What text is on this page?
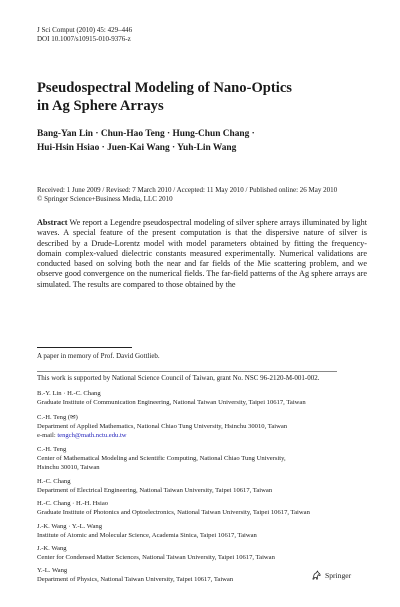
J Sci Comput (2010) 45: 429–446
DOI 10.1007/s10915-010-9376-z
Pseudospectral Modeling of Nano-Optics
in Ag Sphere Arrays
Bang-Yan Lin · Chun-Hao Teng · Hung-Chun Chang ·
Hui-Hsin Hsiao · Juen-Kai Wang · Yuh-Lin Wang
Received: 1 June 2009 / Revised: 7 March 2010 / Accepted: 11 May 2010 / Published online: 26 May 2010
© Springer Science+Business Media, LLC 2010
Abstract We report a Legendre pseudospectral modeling of silver sphere arrays illuminated by light waves. A special feature of the present computation is that the dispersive nature of silver is described by a Drude-Lorentz model with model parameters obtained by fitting the frequency-domain complex-valued dielectric constants measured experimentally. Numerical validations are conducted based on solving both the near and far fields of the Mie scattering problem, and we observe good convergence on the numerical fields. The far-field patterns of the Ag sphere arrays are simulated. The results are compared to those obtained by the
A paper in memory of Prof. David Gottlieb.
This work is supported by National Science Council of Taiwan, grant No. NSC 96-2120-M-001-002.
B.-Y. Lin · H.-C. Chang
Graduate Institute of Communication Engineering, National Taiwan University, Taipei 10617, Taiwan
C.-H. Teng (✉)
Department of Applied Mathematics, National Chiao Tung University, Hsinchu 30010, Taiwan
e-mail: tengch@math.nctu.edu.tw
C.-H. Teng
Center of Mathematical Modeling and Scientific Computing, National Chiao Tung University,
Hsinchu 30010, Taiwan
H.-C. Chang
Department of Electrical Engineering, National Taiwan University, Taipei 10617, Taiwan
H.-C. Chang · H.-H. Hsiao
Graduate Institute of Photonics and Optoelectronics, National Taiwan University, Taipei 10617, Taiwan
J.-K. Wang · Y.-L. Wang
Institute of Atomic and Molecular Science, Academia Sinica, Taipei 10617, Taiwan
J.-K. Wang
Center for Condensed Matter Sciences, National Taiwan University, Taipei 10617, Taiwan
Y.-L. Wang
Department of Physics, National Taiwan University, Taipei 10617, Taiwan	Springer
